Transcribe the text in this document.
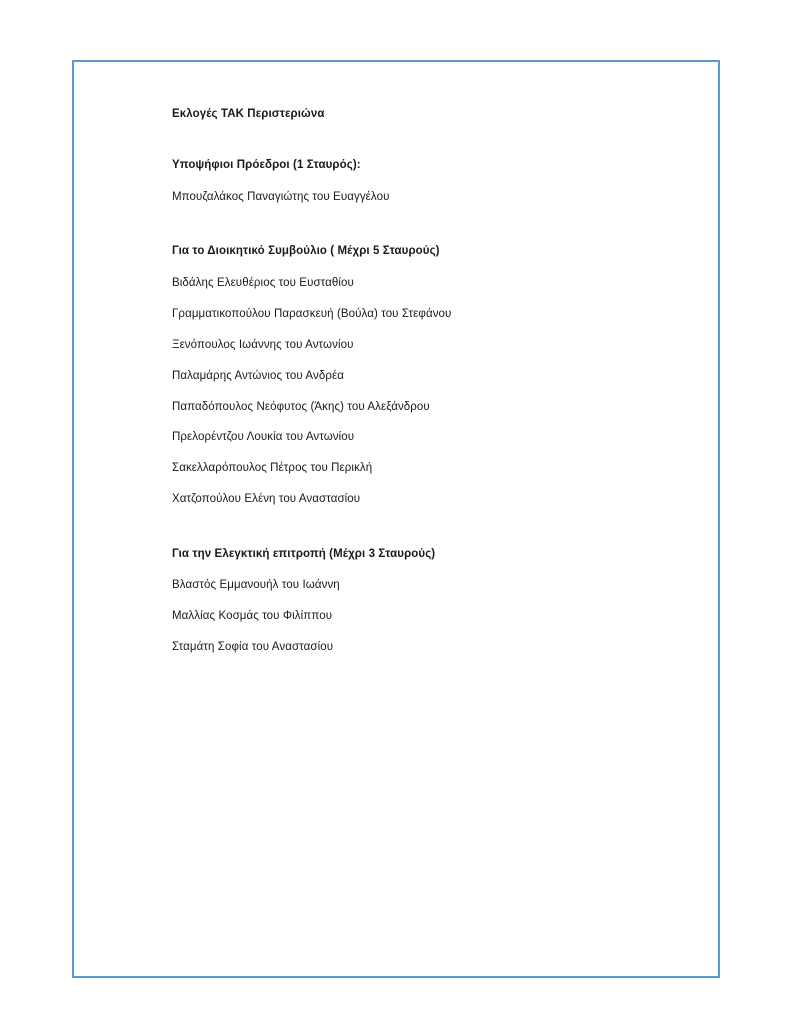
Εκλογές ΤΑΚ Περιστεριώνα
Υποψήφιοι Πρόεδροι (1 Σταυρός):
Μπουζαλάκος Παναγιώτης του Ευαγγέλου
Για το Διοικητικό Συμβούλιο ( Μέχρι 5 Σταυρούς)
Βιδάλης Ελευθέριος του Ευσταθίου
Γραμματικοπούλου Παρασκευή (Βούλα) του Στεφάνου
Ξενόπουλος Ιωάννης του Αντωνίου
Παλαμάρης Αντώνιος του Ανδρέα
Παπαδόπουλος Νεόφυτος (Άκης) του Αλεξάνδρου
Πρελορέντζου Λουκία του Αντωνίου
Σακελλαρόπουλος Πέτρος του Περικλή
Χατζοπούλου Ελένη του Αναστασίου
Για την Ελεγκτική επιτροπή (Μέχρι 3 Σταυρούς)
Βλαστός Εμμανουήλ του Ιωάννη
Μαλλίας Κοσμάς του Φιλίππου
Σταμάτη Σοφία του Αναστασίου
